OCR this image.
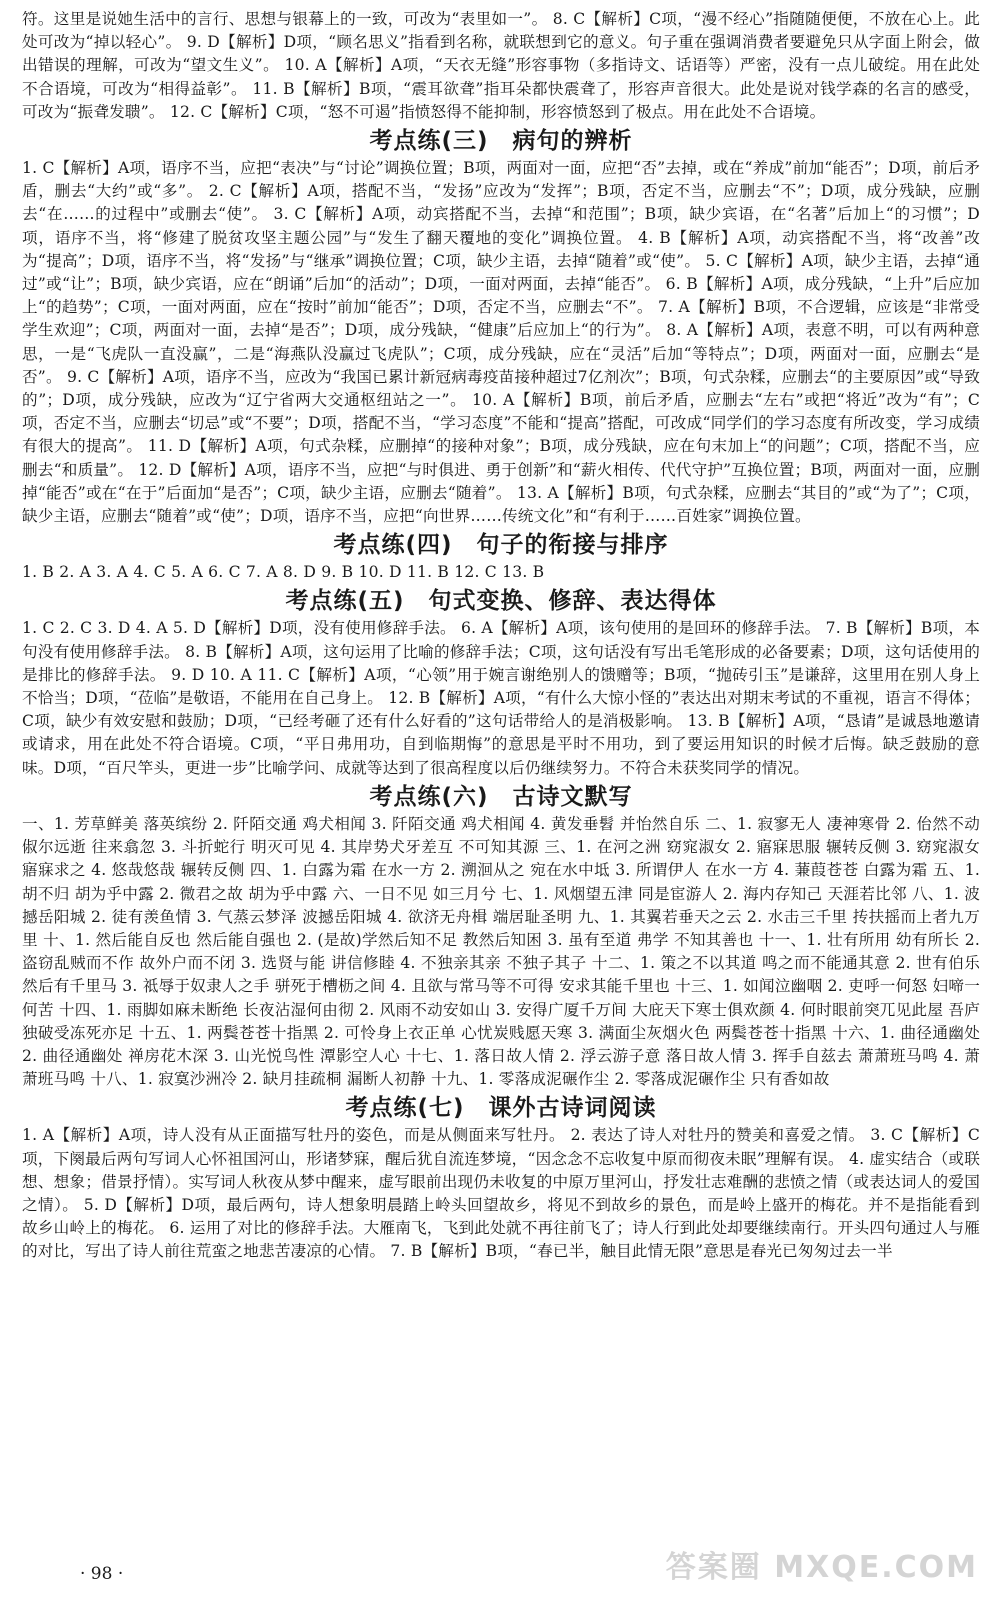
符。这里是说她生活中的言行、思想与银幕上的一致，可改为“表里如一”。 8. C【解析】C项，“漫不经心”指随随便便，不放在心上。此处可改为“掉以轻心”。 9. D【解析】D项，“顾名思义”指看到名称，就联想到它的意义。句子重在强调消费者要避免只从字面上附会，做出错误的理解，可改为“望文生义”。 10. A【解析】A项，“天衣无缝”形容事物（多指诗文、话语等）严密，没有一点儿破绽。用在此处不合语境，可改为“相得益彰”。 11. B【解析】B项，“震耳欲聋”指耳朵都快震聋了，形容声音很大。此处是说对钱学森的名言的感受，可改为“振聋发聩”。 12. C【解析】C项，“怒不可遏”指愤怒得不能抑制，形容愤怒到了极点。用在此处不合语境。

考点练(三)　病句的辨析

1. C【解析】A项，语序不当，应把“表决”与“讨论”调换位置；B项，两面对一面，应把“否”去掉，或在“养成”前加“能否”；D项，前后矛盾，删去“大约”或“多”。 2. C【解析】A项，搭配不当，“发扬”应改为“发挥”；B项，否定不当，应删去“不”；D项，成分残缺，应删去“在……的过程中”或删去“使”。 3. C【解析】A项，动宾搭配不当，去掉“和范围”；B项，缺少宾语，在“名著”后加上“的习惯”；D项，语序不当，将“修建了脱贫攻坚主题公园”与“发生了翻天覆地的变化”调换位置。 4. B【解析】A项，动宾搭配不当，将“改善”改为“提高”；D项，语序不当，将“发扬”与“继承”调换位置；C项，缺少主语，去掉“随着”或“使”。 5. C【解析】A项，缺少主语，去掉“通过”或“让”；B项，缺少宾语，应在“朗诵”后加“的活动”；D项，一面对两面，去掉“能否”。 6. B【解析】A项，成分残缺，“上升”后应加上“的趋势”；C项，一面对两面，应在“按时”前加“能否”；D项，否定不当，应删去“不”。 7. A【解析】B项，不合逻辑，应该是“非常受学生欢迎”；C项，两面对一面，去掉“是否”；D项，成分残缺，“健康”后应加上“的行为”。 8. A【解析】A项，表意不明，可以有两种意思，一是“飞虎队一直没赢”，二是“海燕队没赢过飞虎队”；C项，成分残缺，应在“灵活”后加“等特点”；D项，两面对一面，应删去“是否”。 9. C【解析】A项，语序不当，应改为“我国已累计新冠病毒疫苗接种超过7亿剂次”；B项，句式杂糅，应删去“的主要原因”或“导致的”；D项，成分残缺，应改为“辽宁省两大交通枢纽站之一”。 10. A【解析】B项，前后矛盾，应删去“左右”或把“将近”改为“有”；C项，否定不当，应删去“切忌”或“不要”；D项，搭配不当，“学习态度”不能和“提高”搭配，可改成“同学们的学习态度有所改变，学习成绩有很大的提高”。 11. D【解析】A项，句式杂糅，应删掉“的接种对象”；B项，成分残缺，应在句末加上“的问题”；C项，搭配不当，应删去“和质量”。 12. D【解析】A项，语序不当，应把“与时俱进、勇于创新”和“薪火相传、代代守护”互换位置；B项，两面对一面，应删掉“能否”或在“在于”后面加“是否”；C项，缺少主语，应删去“随着”。 13. A【解析】B项，句式杂糅，应删去“其目的”或“为了”；C项，缺少主语，应删去“随着”或“使”；D项，语序不当，应把“向世界……传统文化”和“有利于……百姓家”调换位置。

考点练(四)　句子的衔接与排序

1. B 2. A 3. A 4. C 5. A 6. C 7. A 8. D 9. B 10. D 11. B 12. C 13. B

考点练(五)　句式变换、修辞、表达得体

1. C 2. C 3. D 4. A 5. D【解析】D项，没有使用修辞手法。 6. A【解析】A项，该句使用的是回环的修辞手法。 7. B【解析】B项，本句没有使用修辞手法。 8. B【解析】A项，这句运用了比喻的修辞手法；C项，这句话没有写出毛笔形成的必备要素；D项，这句话使用的是排比的修辞手法。 9. D 10. A 11. C【解析】A项，“心领”用于婉言谢绝别人的馈赠等；B项，“抛砖引玉”是谦辞，这里用在别人身上不恰当；D项，“莅临”是敬语，不能用在自己身上。 12. B【解析】A项，“有什么大惊小怪的”表达出对期末考试的不重视，语言不得体；C项，缺少有效安慰和鼓励；D项，“已经考砸了还有什么好看的”这句话带给人的是消极影响。 13. B【解析】A项，“恳请”是诚恳地邀请或请求，用在此处不符合语境。C项，“平日弗用功，自到临期悔”的意思是平时不用功，到了要运用知识的时候才后悔。缺乏鼓励的意味。D项，“百尺竿头，更进一步”比喻学问、成就等达到了很高程度以后仍继续努力。不符合未获奖同学的情况。

考点练(六)　古诗文默写

一、1. 芳草鲜美 落英缤纷 2. 阡陌交通 鸡犬相闻 3. 阡陌交通 鸡犬相闻 4. 黄发垂髫 并怡然自乐 二、1. 寂寥无人 凄神寒骨 2. 佁然不动 俶尔远逝 往来翕忽 3. 斗折蛇行 明灭可见 4. 其岸势犬牙差互 不可知其源 三、1. 在河之洲 窈窕淑女 2. 寤寐思服 辗转反侧 3. 窈窕淑女 寤寐求之 4. 悠哉悠哉 辗转反侧 四、1. 白露为霜 在水一方 2. 溯洄从之 宛在水中坻 3. 所谓伊人 在水一方 4. 蒹葭苍苍 白露为霜 五、1. 胡不归 胡为乎中露 2. 微君之故 胡为乎中露 六、一日不见 如三月兮 七、1. 风烟望五津 同是宦游人 2. 海内存知己 天涯若比邻 八、1. 波撼岳阳城 2. 徒有羡鱼情 3. 气蒸云梦泽 波撼岳阳城 4. 欲济无舟楫 端居耻圣明 九、1. 其翼若垂天之云 2. 水击三千里 抟扶摇而上者九万里 十、1. 然后能自反也 然后能自强也 2. (是故)学然后知不足 教然后知困 3. 虽有至道 弗学 不知其善也 十一、1. 壮有所用 幼有所长 2. 盗窃乱贼而不作 故外户而不闭 3. 选贤与能 讲信修睦 4. 不独亲其亲 不独子其子 十二、1. 策之不以其道 鸣之而不能通其意 2. 世有伯乐 然后有千里马 3. 祗辱于奴隶人之手 骈死于槽枥之间 4. 且欲与常马等不可得 安求其能千里也 十三、1. 如闻泣幽咽 2. 吏呼一何怒 妇啼一何苦 十四、1. 雨脚如麻未断绝 长夜沾湿何由彻 2. 风雨不动安如山 3. 安得广厦千万间 大庇天下寒士俱欢颜 4. 何时眼前突兀见此屋 吾庐独破受冻死亦足 十五、1. 两鬓苍苍十指黑 2. 可怜身上衣正单 心忧炭贱愿天寒 3. 满面尘灰烟火色 两鬓苍苍十指黑 十六、1. 曲径通幽处 2. 曲径通幽处 禅房花木深 3. 山光悦鸟性 潭影空人心 十七、1. 落日故人情 2. 浮云游子意 落日故人情 3. 挥手自兹去 萧萧班马鸣 4. 萧萧班马鸣 十八、1. 寂寞沙洲冷 2. 缺月挂疏桐 漏断人初静 十九、1. 零落成泥碾作尘 2. 零落成泥碾作尘 只有香如故

考点练(七)　课外古诗词阅读

1. A【解析】A项，诗人没有从正面描写牡丹的姿色，而是从侧面来写牡丹。 2. 表达了诗人对牡丹的赞美和喜爱之情。 3. C【解析】C项，下阕最后两句写词人心怀祖国河山，形诸梦寐，醒后犹自流连梦境，“因念念不忘收复中原而彻夜未眠”理解有误。 4. 虚实结合（或联想、想象；借景抒情）。实写词人秋夜从梦中醒来，虚写眼前出现仍未收复的中原万里河山，抒发壮志难酬的悲愤之情（或表达词人的爱国之情）。 5. D【解析】D项，最后两句，诗人想象明晨踏上岭头回望故乡，将见不到故乡的景色，而是岭上盛开的梅花。并不是指能看到故乡山岭上的梅花。 6. 运用了对比的修辞手法。大雁南飞，飞到此处就不再往前飞了；诗人行到此处却要继续南行。开头四句通过人与雁的对比，写出了诗人前往荒蛮之地悲苦凄凉的心情。 7. B【解析】B项，“春已半，触目此情无限”意思是春光已匆匆过去一半

· 98 ·	答案圈 MXQE.COM
